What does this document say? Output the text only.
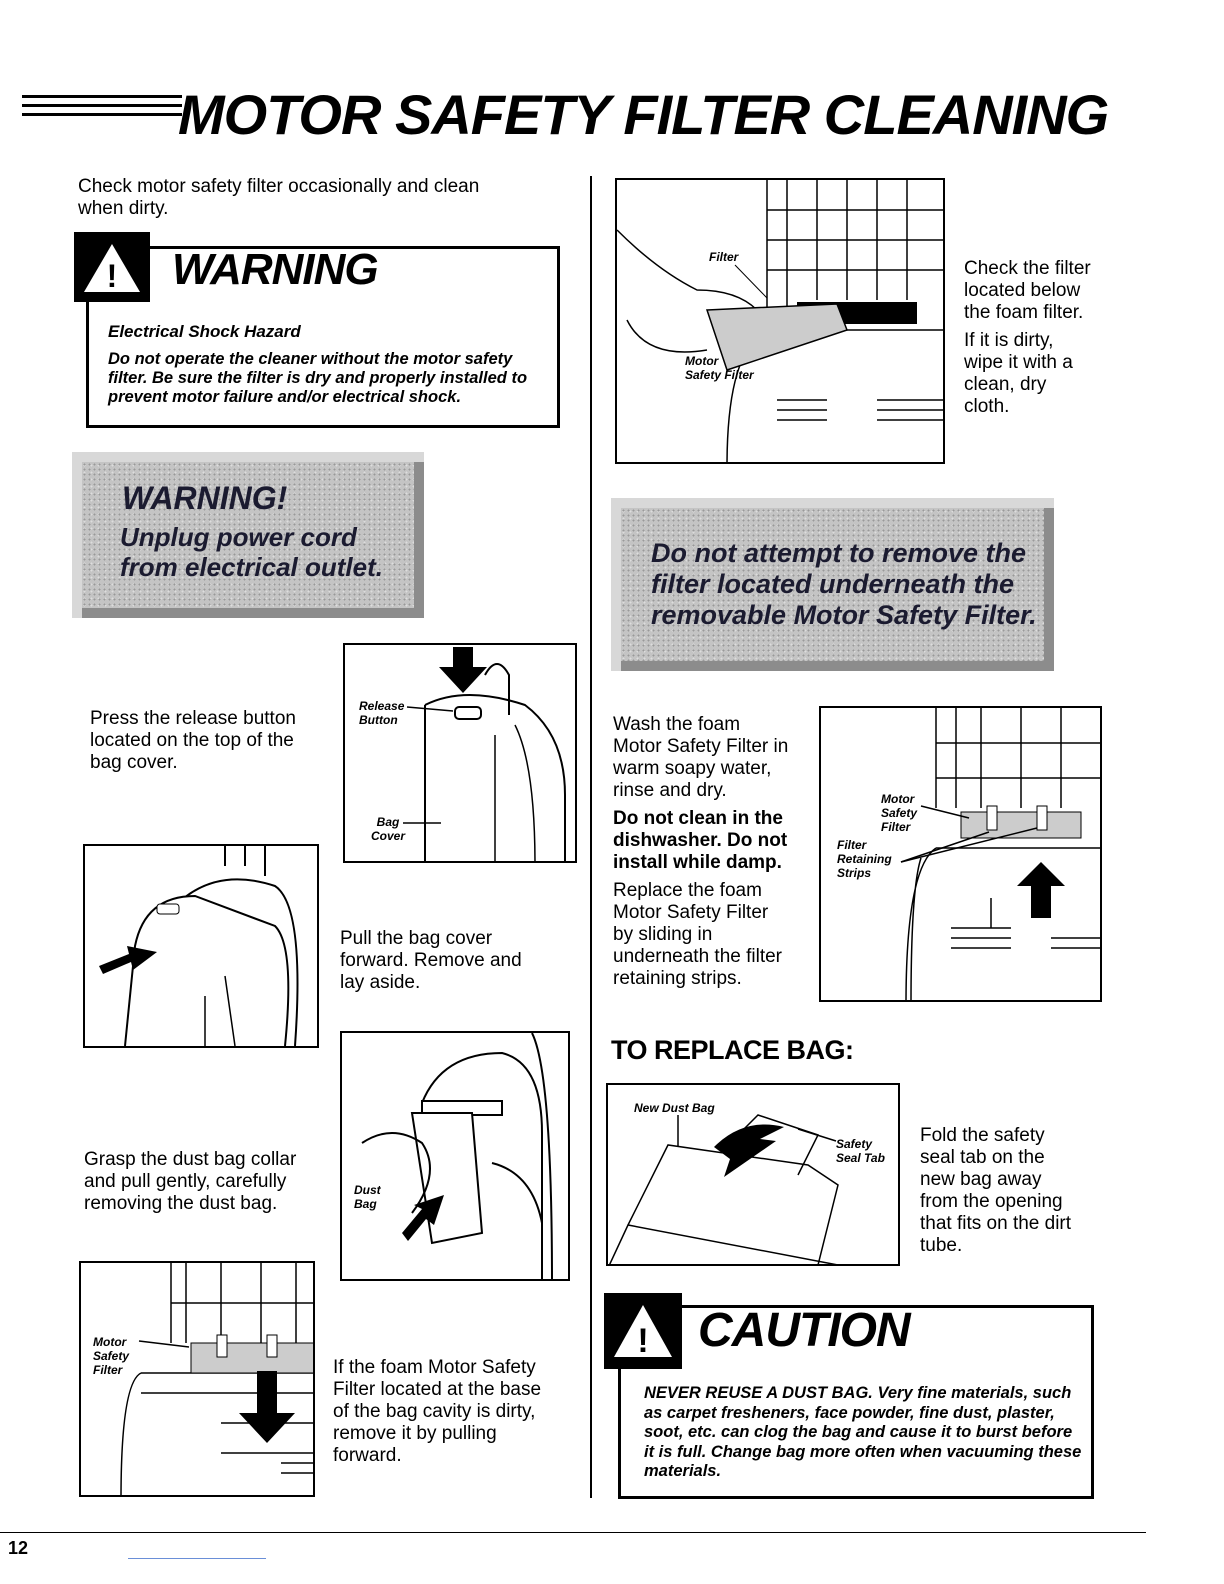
MOTOR SAFETY FILTER CLEANING
Check motor safety filter occasionally and clean
when dirty.
! WARNING
Electrical Shock Hazard
Do not operate the cleaner without the motor safety filter. Be sure the filter is dry and properly installed to prevent motor failure and/or electrical shock.
WARNING!
Unplug power cord
from electrical outlet.
Press the release button
located on the top of the
bag cover.
Release
Button
Bag
Cover
Pull the bag cover
forward. Remove and
lay aside.
Dust
Bag
Grasp the dust bag collar
and pull gently, carefully
removing the dust bag.
Motor
Safety
Filter	If the foam Motor Safety
Filter located at the base
of the bag cavity is dirty,
remove it by pulling
forward.
Filter
Motor
Safety Filter
Check the filter
located below
the foam filter.
If it is dirty,
wipe it with a
clean, dry
cloth.
Do not attempt to remove the
filter located underneath the
removable Motor Safety Filter.
Wash the foam
Motor Safety Filter in
warm soapy water,
rinse and dry.
Do not clean in the
dishwasher. Do not
install while damp.
Replace the foam
Motor Safety Filter
by sliding in
underneath the filter
retaining strips.
Motor
Safety
Filter
Filter
Retaining
Strips
TO REPLACE BAG:
New Dust Bag
Safety
Seal Tab
Fold the safety
seal tab on the
new bag away
from the opening
that fits on the dirt
tube.
! CAUTION
NEVER REUSE A DUST BAG. Very fine materials, such as carpet fresheners, face powder, fine dust, plaster, soot, etc. can clog the bag and cause it to burst before it is full. Change bag more often when vacuuming these materials.
12
